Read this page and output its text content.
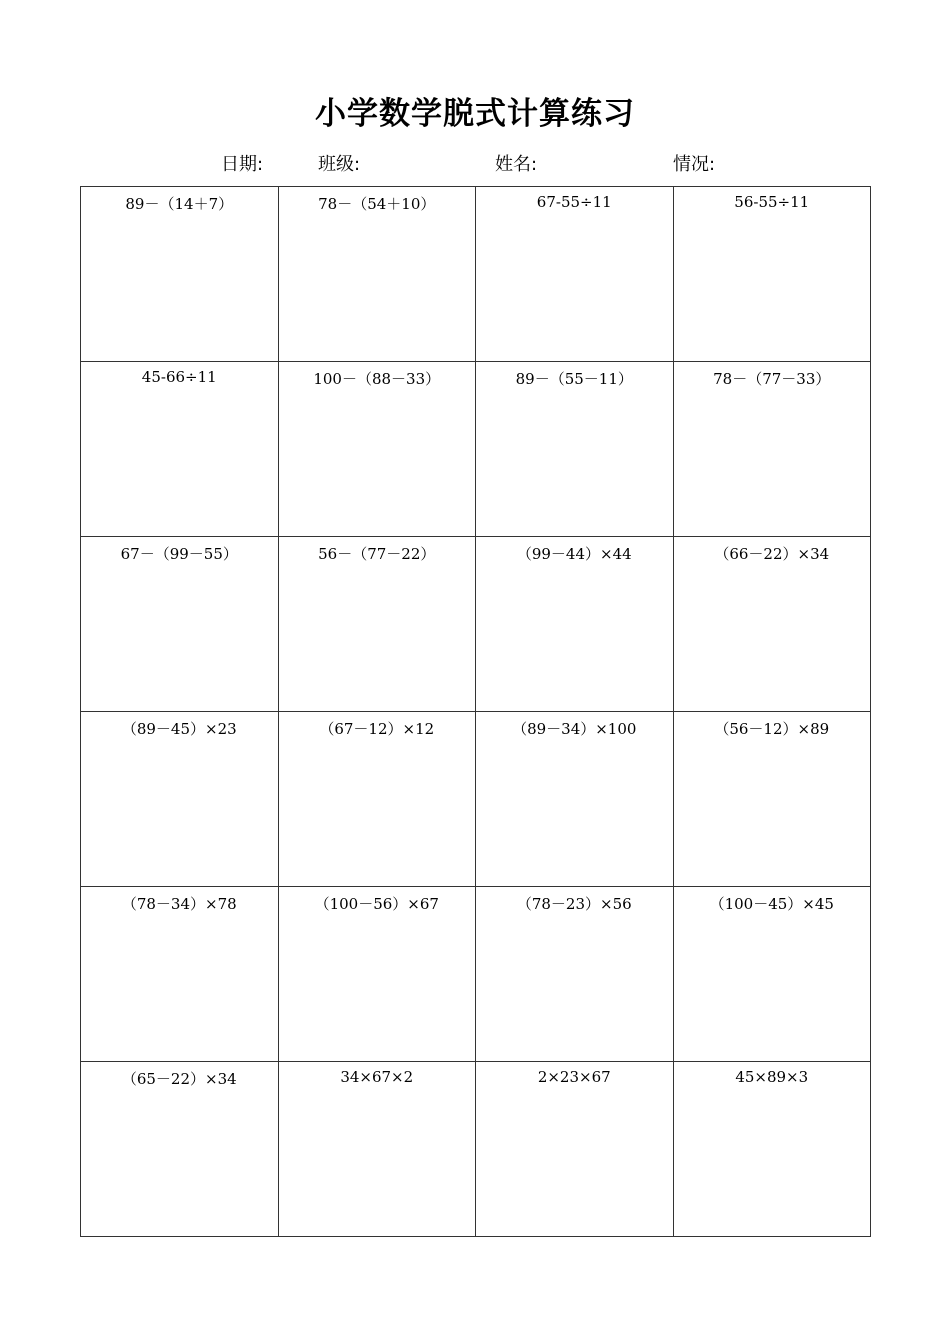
小学数学脱式计算练习
日期:	班级:	姓名:	情况:
89－（14＋7）	78－（54＋10）	67-55÷11	56-55÷11

45-66÷11	100－（88－33）	89－（55－11）	78－（77－33）

67－（99－55）	56－（77－22）	（99－44）×44	（66－22）×34

（89－45）×23	（67－12）×12	（89－34）×100	（56－12）×89

（78－34）×78	（100－56）×67	（78－23）×56	（100－45）×45

（65－22）×34	34×67×2	2×23×67	45×89×3
